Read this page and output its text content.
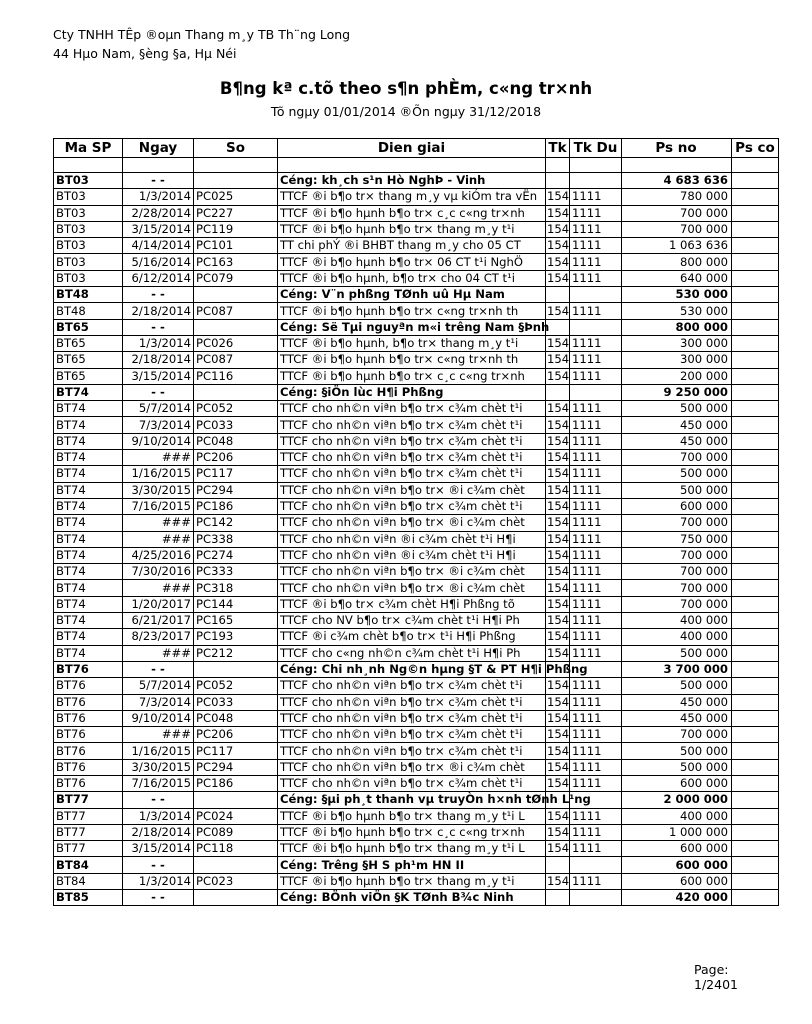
Cty TNHH TÊp ®oµn Thang m¸y TB Th¨ng Long
44 Hµo Nam, §èng §a, Hµ Néi
B¶ng kª c.tõ theo s¶n phÈm, c«ng tr×nh
Tõ ngµy 01/01/2014 ®Õn ngµy 31/12/2018
Ma SP	Ngay	So	Dien giai	Tk	Tk Du	Ps no	Ps co

BT03	- -		Céng: kh¸ch s¹n Hò NghÞ - Vinh			4 683 636	
BT03	1/3/2014	PC025	TTCF ®i b¶o tr× thang m¸y vµ kiÓm tra vËn	154	1111	780 000	
BT03	2/28/2014	PC227	TTCF ®i b¶o hµnh b¶o tr× c¸c c«ng tr×nh	154	1111	700 000	
BT03	3/15/2014	PC119	TTCF ®i b¶o hµnh b¶o tr× thang m¸y t¹i	154	1111	700 000	
BT03	4/14/2014	PC101	TT chi phÝ ®i BHBT thang m¸y cho 05 CT	154	1111	1 063 636	
BT03	5/16/2014	PC163	TTCF ®i b¶o hµnh b¶o tr× 06 CT t¹i NghÖ	154	1111	800 000	
BT03	6/12/2014	PC079	TTCF ®i b¶o hµnh, b¶o tr× cho 04 CT t¹i	154	1111	640 000	
BT48	- -		Céng: V¨n phßng TØnh uû Hµ Nam			530 000	
BT48	2/18/2014	PC087	TTCF ®i b¶o hµnh b¶o tr× c«ng tr×nh th	154	1111	530 000	
BT65	- -		Céng: Së Tµi nguyªn m«i trêng Nam §Þnh			800 000	
BT65	1/3/2014	PC026	TTCF ®i b¶o hµnh, b¶o tr× thang m¸y t¹i	154	1111	300 000	
BT65	2/18/2014	PC087	TTCF ®i b¶o hµnh b¶o tr× c«ng tr×nh th	154	1111	300 000	
BT65	3/15/2014	PC116	TTCF ®i b¶o hµnh b¶o tr× c¸c c«ng tr×nh	154	1111	200 000	
BT74	- -		Céng: §iÖn lùc H¶i Phßng			9 250 000	
BT74	5/7/2014	PC052	TTCF cho nh©n viªn b¶o tr× c¾m chèt t¹i	154	1111	500 000	
BT74	7/3/2014	PC033	TTCF cho nh©n viªn b¶o tr× c¾m chèt t¹i	154	1111	450 000	
BT74	9/10/2014	PC048	TTCF cho nh©n viªn b¶o tr× c¾m chèt t¹i	154	1111	450 000	
BT74	###	PC206	TTCF cho nh©n viªn b¶o tr× c¾m chèt t¹i	154	1111	700 000	
BT74	1/16/2015	PC117	TTCF cho nh©n viªn b¶o tr× c¾m chèt t¹i	154	1111	500 000	
BT74	3/30/2015	PC294	TTCF cho nh©n viªn b¶o tr× ®i c¾m chèt	154	1111	500 000	
BT74	7/16/2015	PC186	TTCF cho nh©n viªn b¶o tr× c¾m chèt t¹i	154	1111	600 000	
BT74	###	PC142	TTCF cho nh©n viªn b¶o tr× ®i c¾m chèt	154	1111	700 000	
BT74	###	PC338	TTCF cho nh©n viªn ®i c¾m chèt t¹i H¶i	154	1111	750 000	
BT74	4/25/2016	PC274	TTCF cho nh©n viªn ®i c¾m chèt t¹i H¶i	154	1111	700 000	
BT74	7/30/2016	PC333	TTCF cho nh©n viªn b¶o tr× ®i c¾m chèt	154	1111	700 000	
BT74	###	PC318	TTCF cho nh©n viªn b¶o tr× ®i c¾m chèt	154	1111	700 000	
BT74	1/20/2017	PC144	TTCF ®i b¶o tr× c¾m chèt H¶i Phßng tõ	154	1111	700 000	
BT74	6/21/2017	PC165	TTCF cho NV b¶o tr× c¾m chèt t¹i H¶i Ph	154	1111	400 000	
BT74	8/23/2017	PC193	TTCF ®i c¾m chèt b¶o tr× t¹i H¶i Phßng	154	1111	400 000	
BT74	###	PC212	TTCF cho c«ng nh©n c¾m chèt t¹i H¶i Ph	154	1111	500 000	
BT76	- -		Céng: Chi nh¸nh Ng©n hµng §T & PT H¶i Phßng			3 700 000	
BT76	5/7/2014	PC052	TTCF cho nh©n viªn b¶o tr× c¾m chèt t¹i	154	1111	500 000	
BT76	7/3/2014	PC033	TTCF cho nh©n viªn b¶o tr× c¾m chèt t¹i	154	1111	450 000	
BT76	9/10/2014	PC048	TTCF cho nh©n viªn b¶o tr× c¾m chèt t¹i	154	1111	450 000	
BT76	###	PC206	TTCF cho nh©n viªn b¶o tr× c¾m chèt t¹i	154	1111	700 000	
BT76	1/16/2015	PC117	TTCF cho nh©n viªn b¶o tr× c¾m chèt t¹i	154	1111	500 000	
BT76	3/30/2015	PC294	TTCF cho nh©n viªn b¶o tr× ®i c¾m chèt	154	1111	500 000	
BT76	7/16/2015	PC186	TTCF cho nh©n viªn b¶o tr× c¾m chèt t¹i	154	1111	600 000	
BT77	- -		Céng: §µi ph¸t thanh vµ truyÒn h×nh tØnh L¹ng			2 000 000	
BT77	1/3/2014	PC024	TTCF ®i b¶o hµnh b¶o tr× thang m¸y t¹i L	154	1111	400 000	
BT77	2/18/2014	PC089	TTCF ®i b¶o hµnh b¶o tr× c¸c c«ng tr×nh	154	1111	1 000 000	
BT77	3/15/2014	PC118	TTCF ®i b¶o hµnh b¶o tr× thang m¸y t¹i L	154	1111	600 000	
BT84	- -		Céng: Trêng §H S ph¹m HN II			600 000	
BT84	1/3/2014	PC023	TTCF ®i b¶o hµnh b¶o tr× thang m¸y t¹i	154	1111	600 000	
BT85	- -		Céng: BÖnh viÖn §K TØnh B¾c Ninh			420 000	
Page: 1/2401
